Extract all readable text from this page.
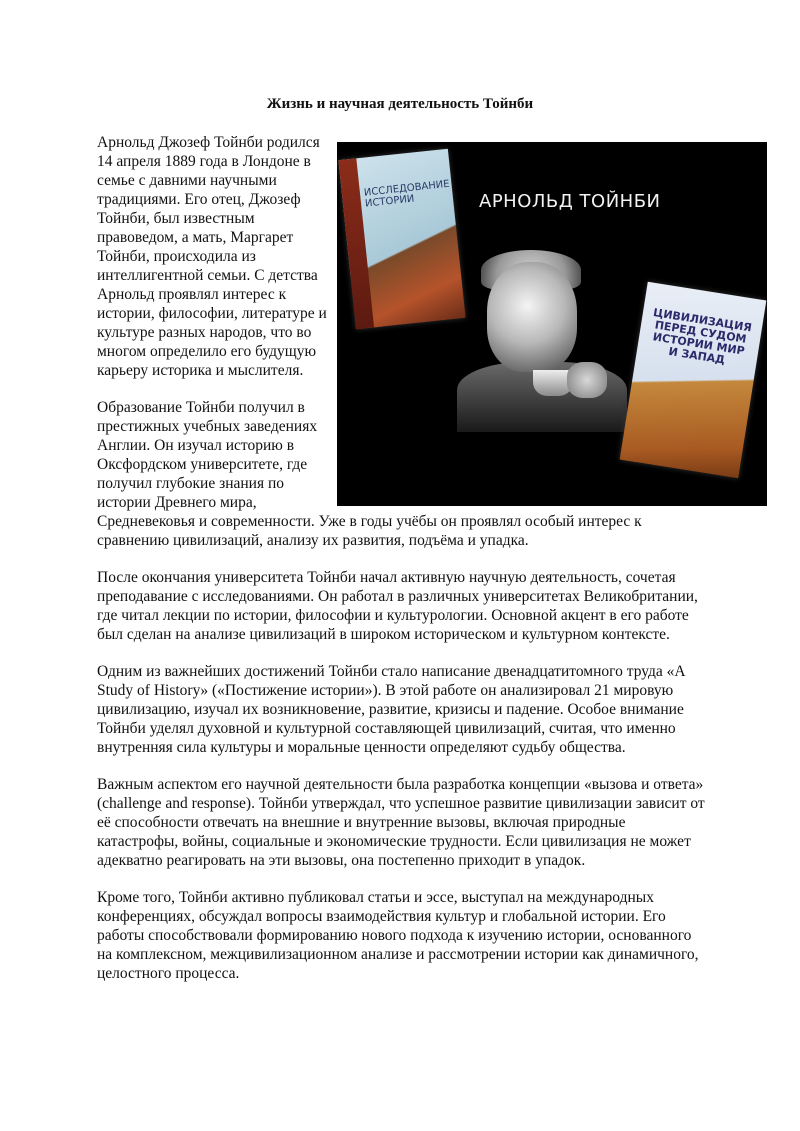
Жизнь и научная деятельность Тойнби
ИССЛЕДОВАНИЕ ИСТОРИИ	АРНОЛЬД ТОЙНБИ
ЦИВИЛИЗАЦИЯ ПЕРЕД СУДОМ ИСТОРИИ МИР И ЗАПАД

Арнольд Джозеф Тойнби родился 14 апреля 1889 года в Лондоне в семье с давними научными традициями. Его отец, Джозеф Тойнби, был известным правоведом, а мать, Маргарет Тойнби, происходила из интеллигентной семьи. С детства Арнольд проявлял интерес к истории, философии, литературе и культуре разных народов, что во многом определило его будущую карьеру историка и мыслителя.

Образование Тойнби получил в престижных учебных заведениях Англии. Он изучал историю в Оксфордском университете, где получил глубокие знания по истории Древнего мира, Средневековья и современности. Уже в годы учёбы он проявлял особый интерес к сравнению цивилизаций, анализу их развития, подъёма и упадка.

После окончания университета Тойнби начал активную научную деятельность, сочетая преподавание с исследованиями. Он работал в различных университетах Великобритании, где читал лекции по истории, философии и культурологии. Основной акцент в его работе был сделан на анализе цивилизаций в широком историческом и культурном контексте.

Одним из важнейших достижений Тойнби стало написание двенадцатитомного труда «A Study of History» («Постижение истории»). В этой работе он анализировал 21 мировую цивилизацию, изучал их возникновение, развитие, кризисы и падение. Особое внимание Тойнби уделял духовной и культурной составляющей цивилизаций, считая, что именно внутренняя сила культуры и моральные ценности определяют судьбу общества.

Важным аспектом его научной деятельности была разработка концепции «вызова и ответа» (challenge and response). Тойнби утверждал, что успешное развитие цивилизации зависит от её способности отвечать на внешние и внутренние вызовы, включая природные катастрофы, войны, социальные и экономические трудности. Если цивилизация не может адекватно реагировать на эти вызовы, она постепенно приходит в упадок.

Кроме того, Тойнби активно публиковал статьи и эссе, выступал на международных конференциях, обсуждал вопросы взаимодействия культур и глобальной истории. Его работы способствовали формированию нового подхода к изучению истории, основанного на комплексном, межцивилизационном анализе и рассмотрении истории как динамичного, целостного процесса.
